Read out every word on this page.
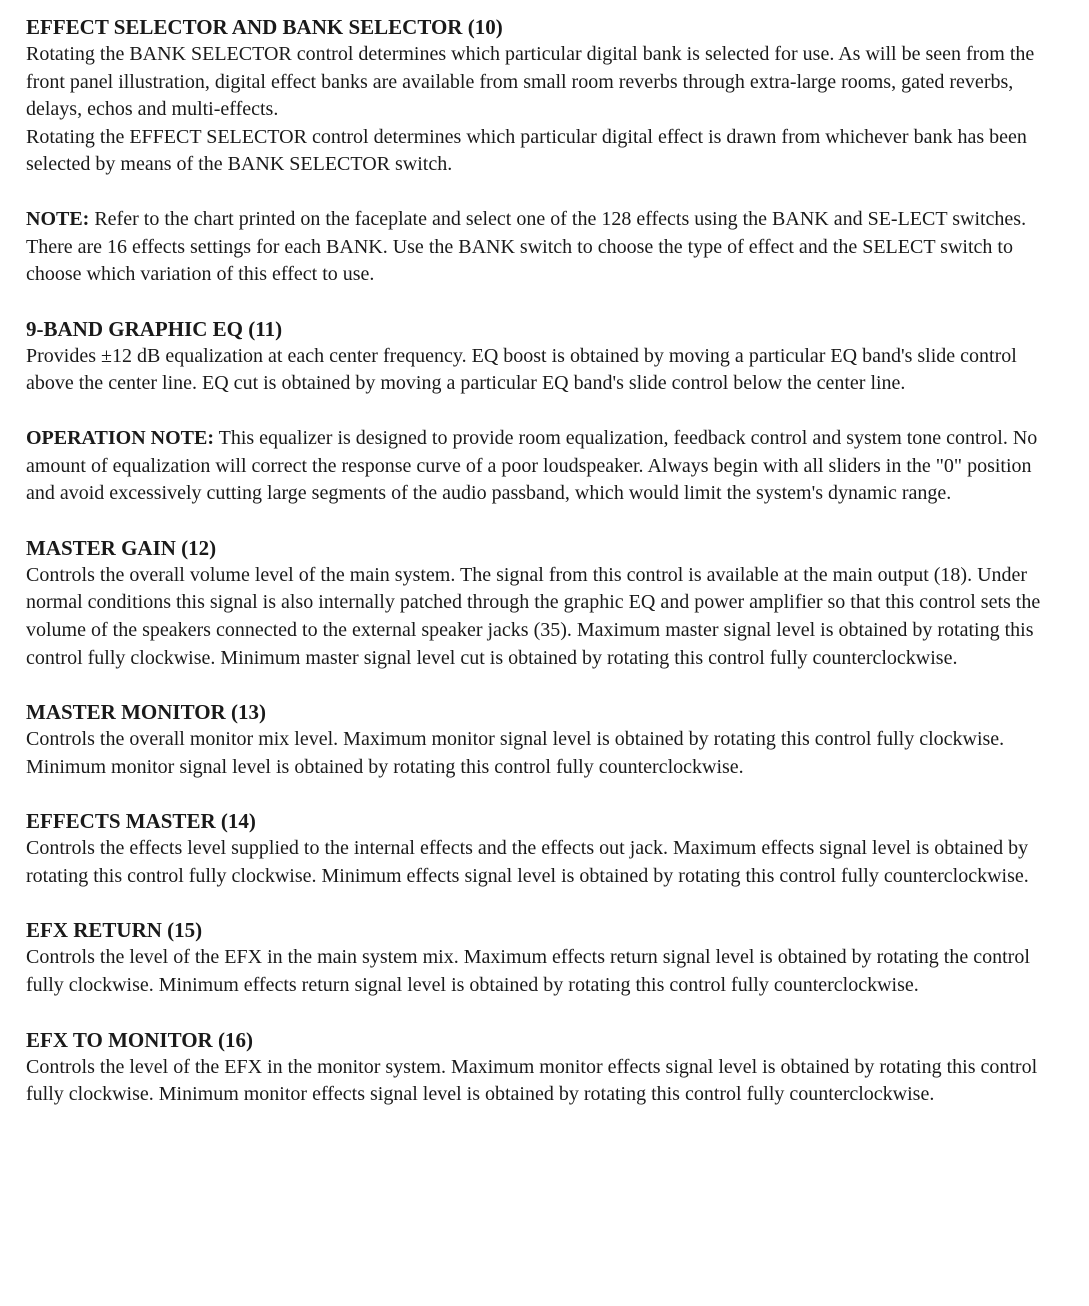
EFFECT SELECTOR AND BANK SELECTOR (10)
Rotating the BANK SELECTOR control determines which particular digital bank is selected for use. As will be seen from the front panel illustration, digital effect banks are available from small room reverbs through extra-large rooms, gated reverbs, delays, echos and multi-effects.
Rotating the EFFECT SELECTOR control determines which particular digital effect is drawn from whichever bank has been selected by means of the BANK SELECTOR switch.
NOTE: Refer to the chart printed on the faceplate and select one of the 128 effects using the BANK and SE-LECT switches. There are 16 effects settings for each BANK. Use the BANK switch to choose the type of effect and the SELECT switch to choose which variation of this effect to use.
9-BAND GRAPHIC EQ (11)
Provides ±12 dB equalization at each center frequency. EQ boost is obtained by moving a particular EQ band's slide control above the center line. EQ cut is obtained by moving a particular EQ band's slide control below the center line.
OPERATION NOTE: This equalizer is designed to provide room equalization, feedback control and system tone control. No amount of equalization will correct the response curve of a poor loudspeaker. Always begin with all sliders in the "0" position and avoid excessively cutting large segments of the audio passband, which would limit the system's dynamic range.
MASTER GAIN (12)
Controls the overall volume level of the main system. The signal from this control is available at the main output (18). Under normal conditions this signal is also internally patched through the graphic EQ and power amplifier so that this control sets the volume of the speakers connected to the external speaker jacks (35). Maximum master signal level is obtained by rotating this control fully clockwise. Minimum master signal level cut is obtained by rotating this control fully counterclockwise.
MASTER MONITOR (13)
Controls the overall monitor mix level. Maximum monitor signal level is obtained by rotating this control fully clockwise. Minimum monitor signal level is obtained by rotating this control fully counterclockwise.
EFFECTS MASTER (14)
Controls the effects level supplied to the internal effects and the effects out jack. Maximum effects signal level is obtained by rotating this control fully clockwise. Minimum effects signal level is obtained by rotating this control fully counterclockwise.
EFX RETURN (15)
Controls the level of the EFX in the main system mix. Maximum effects return signal level is obtained by rotating the control fully clockwise. Minimum effects return signal level is obtained by rotating this control fully counterclockwise.
EFX TO MONITOR (16)
Controls the level of the EFX in the monitor system. Maximum monitor effects signal level is obtained by rotating this control fully clockwise. Minimum monitor effects signal level is obtained by rotating this control fully counterclockwise.
